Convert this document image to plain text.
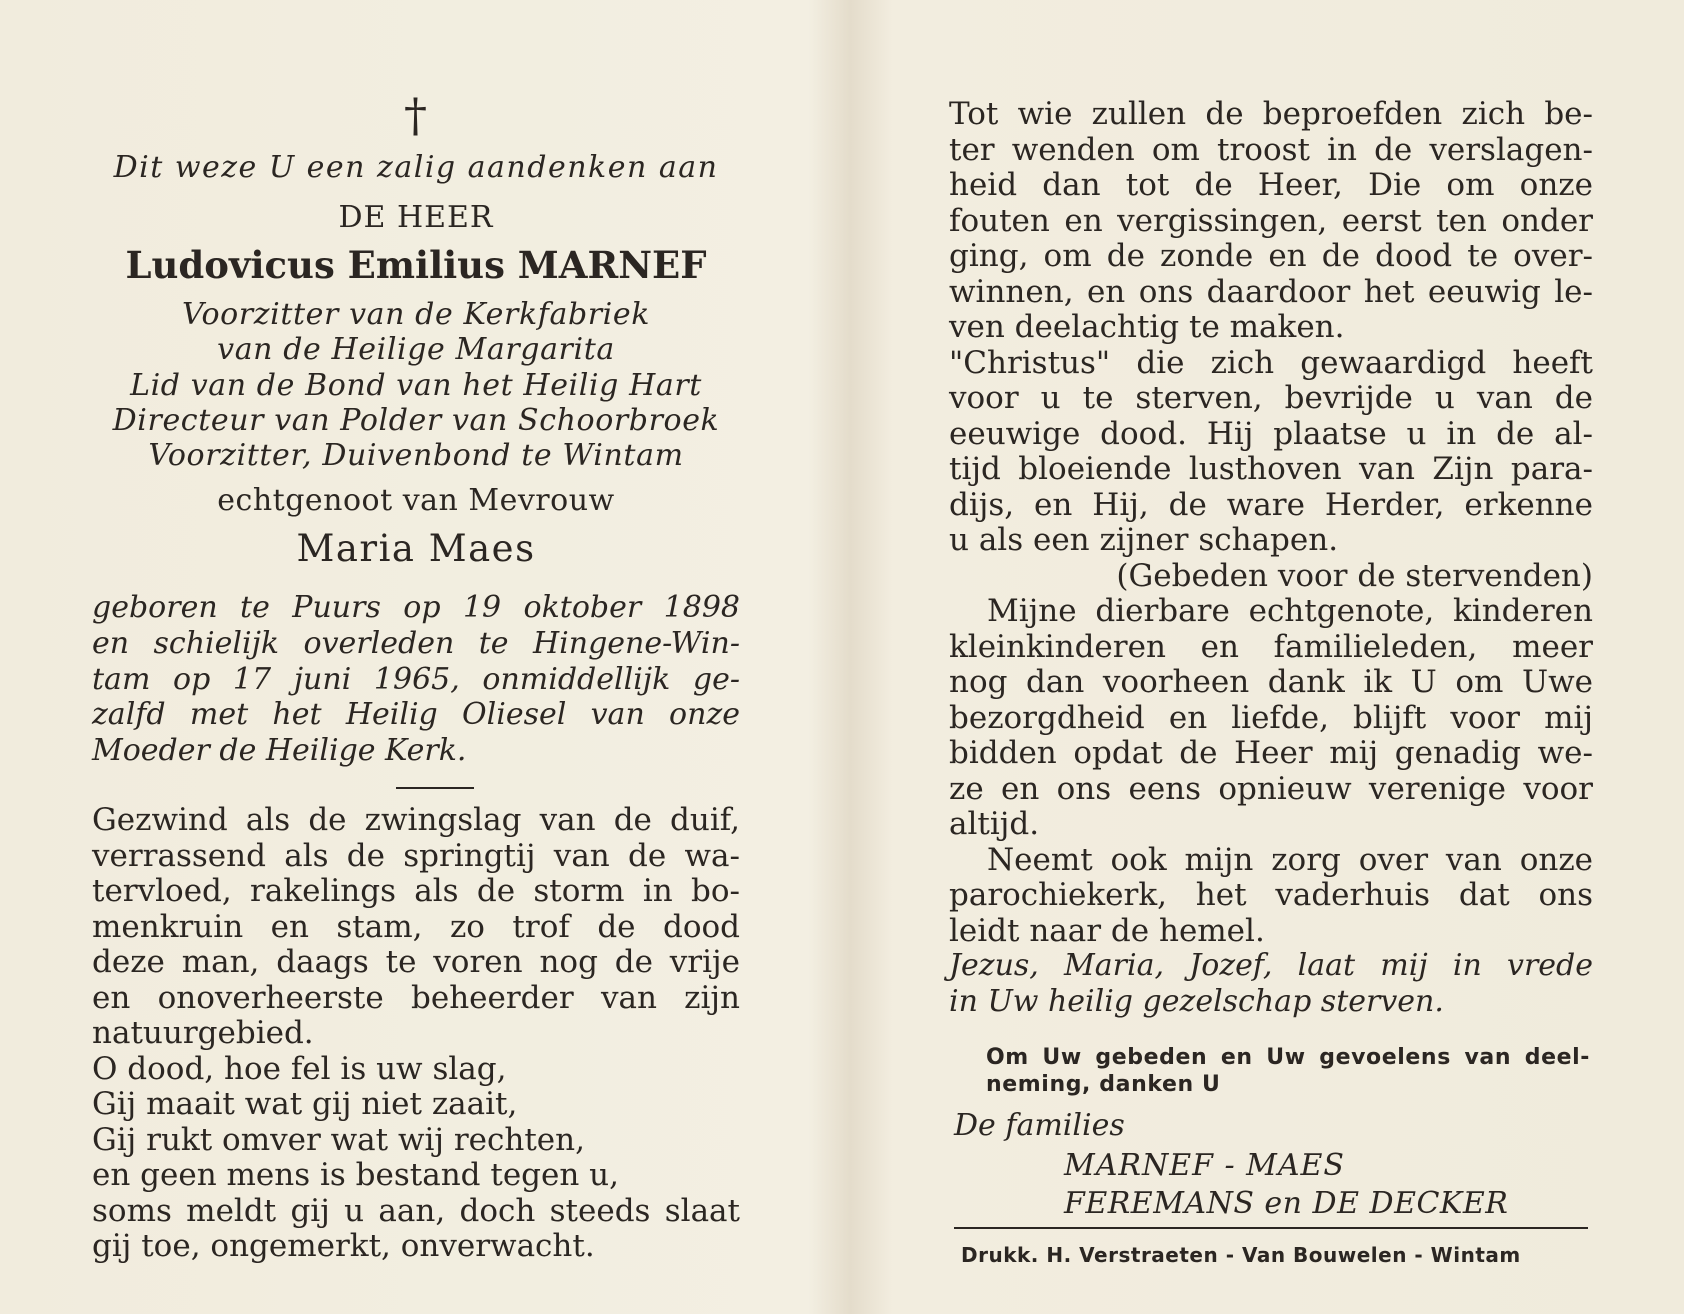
†
Dit weze U een zalig aandenken aan
DE HEER
Ludovicus Emilius MARNEF
Voorzitter van de Kerkfabriek
van de Heilige Margarita
Lid van de Bond van het Heilig Hart
Directeur van Polder van Schoorbroek
Voorzitter, Duivenbond te Wintam
echtgenoot van Mevrouw
Maria Maes
geboren te Puurs op 19 oktober 1898
en schielijk overleden te Hingene-Win-
tam op 17 juni 1965, onmiddellijk ge-
zalfd met het Heilig Oliesel van onze
Moeder de Heilige Kerk.
Gezwind als de zwingslag van de duif,
verrassend als de springtij van de wa-
tervloed, rakelings als de storm in bo-
menkruin en stam, zo trof de dood
deze man, daags te voren nog de vrije
en onoverheerste beheerder van zijn
natuurgebied.
O dood, hoe fel is uw slag,
Gij maait wat gij niet zaait,
Gij rukt omver wat wij rechten,
en geen mens is bestand tegen u,
soms meldt gij u aan, doch steeds slaat
gij toe, ongemerkt, onverwacht.
Tot wie zullen de beproefden zich be-
ter wenden om troost in de verslagen-
heid dan tot de Heer, Die om onze
fouten en vergissingen, eerst ten onder
ging, om de zonde en de dood te over-
winnen, en ons daardoor het eeuwig le-
ven deelachtig te maken.
"Christus" die zich gewaardigd heeft
voor u te sterven, bevrijde u van de
eeuwige dood. Hij plaatse u in de al-
tijd bloeiende lusthoven van Zijn para-
dijs, en Hij, de ware Herder, erkenne
u als een zijner schapen.
(Gebeden voor de stervenden)
Mijne dierbare echtgenote, kinderen
kleinkinderen en familieleden, meer
nog dan voorheen dank ik U om Uwe
bezorgdheid en liefde, blijft voor mij
bidden opdat de Heer mij genadig we-
ze en ons eens opnieuw verenige voor
altijd.
Neemt ook mijn zorg over van onze
parochiekerk, het vaderhuis dat ons
leidt naar de hemel.
Jezus, Maria, Jozef, laat mij in vrede
in Uw heilig gezelschap sterven.
Om Uw gebeden en Uw gevoelens van deel-
neming, danken U
De families
MARNEF - MAES
FEREMANS en DE DECKER
Drukk. H. Verstraeten - Van Bouwelen - Wintam
